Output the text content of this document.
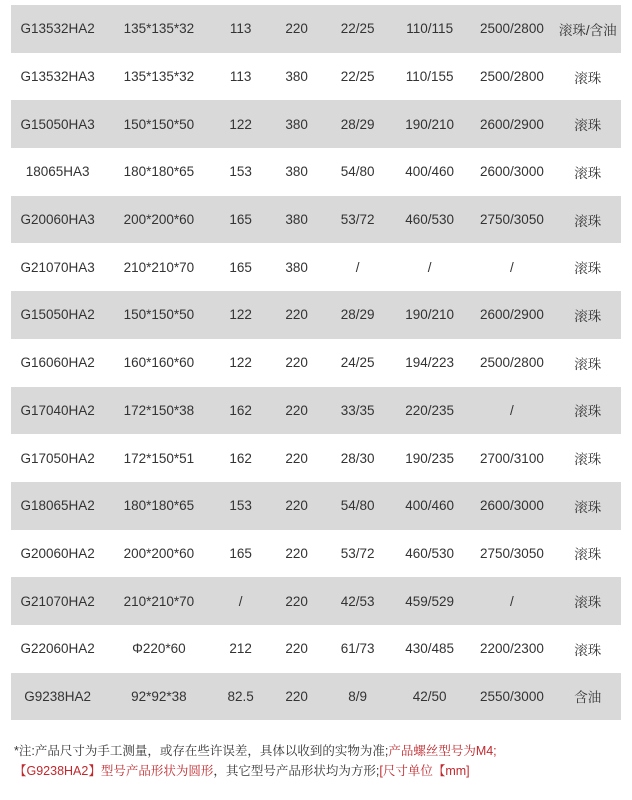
G13532HA2	135*135*32	113	220	22/25	110/115	2500/2800	滚珠/含油
G13532HA3	135*135*32	113	380	22/25	110/155	2500/2800	滚珠
G15050HA3	150*150*50	122	380	28/29	190/210	2600/2900	滚珠
18065HA3	180*180*65	153	380	54/80	400/460	2600/3000	滚珠
G20060HA3	200*200*60	165	380	53/72	460/530	2750/3050	滚珠
G21070HA3	210*210*70	165	380	/	/	/	滚珠
G15050HA2	150*150*50	122	220	28/29	190/210	2600/2900	滚珠
G16060HA2	160*160*60	122	220	24/25	194/223	2500/2800	滚珠
G17040HA2	172*150*38	162	220	33/35	220/235	/	滚珠
G17050HA2	172*150*51	162	220	28/30	190/235	2700/3100	滚珠
G18065HA2	180*180*65	153	220	54/80	400/460	2600/3000	滚珠
G20060HA2	200*200*60	165	220	53/72	460/530	2750/3050	滚珠
G21070HA2	210*210*70	/	220	42/53	459/529	/	滚珠
G22060HA2	Φ220*60	212	220	61/73	430/485	2200/2300	滚珠
G9238HA2	92*92*38	82.5	220	8/9	42/50	2550/3000	含油
*注:产品尺寸为手工测量，或存在些许误差，具体以收到的实物为准;产品螺丝型号为M4;
【G9238HA2】型号产品形状为圆形，其它型号产品形状均为方形;[尺寸单位【mm]
